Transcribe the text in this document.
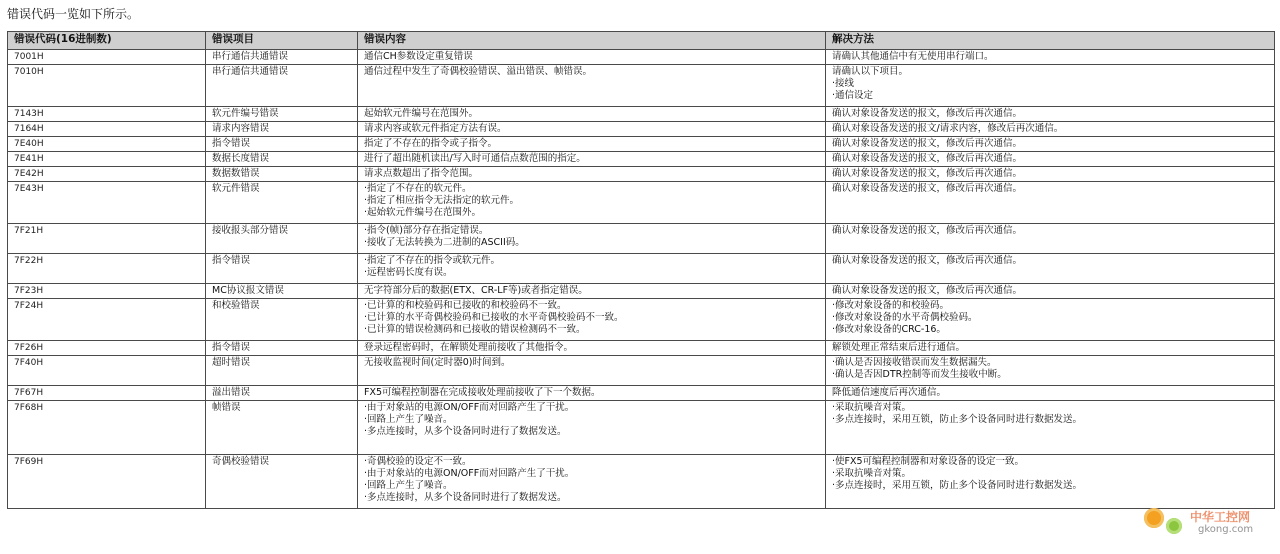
错误代码一览如下所示。
错误代码(16进制数)	错误项目	错误内容	解决方法
7001H	串行通信共通错误	通信CH参数设定重复错误	请确认其他通信中有无使用串行端口。

7010H	串行通信共通错误	通信过程中发生了奇偶校验错误、溢出错误、帧错误。	请确认以下项目。
·接线
·通信设定

7143H	软元件编号错误	起始软元件编号在范围外。	确认对象设备发送的报文，修改后再次通信。

7164H	请求内容错误	请求内容或软元件指定方法有误。	确认对象设备发送的报文/请求内容，修改后再次通信。

7E40H	指令错误	指定了不存在的指令或子指令。	确认对象设备发送的报文，修改后再次通信。

7E41H	数据长度错误	进行了超出随机读出/写入时可通信点数范围的指定。	确认对象设备发送的报文，修改后再次通信。

7E42H	数据数错误	请求点数超出了指令范围。	确认对象设备发送的报文，修改后再次通信。

7E43H	软元件错误	·指定了不存在的软元件。
·指定了相应指令无法指定的软元件。
·起始软元件编号在范围外。	确认对象设备发送的报文，修改后再次通信。

7F21H	接收报头部分错误	·指令(帧)部分存在指定错误。
·接收了无法转换为二进制的ASCII码。	确认对象设备发送的报文，修改后再次通信。

7F22H	指令错误	·指定了不存在的指令或软元件。
·远程密码长度有误。	确认对象设备发送的报文，修改后再次通信。

7F23H	MC协议报文错误	无字符部分后的数据(ETX、CR-LF等)或者指定错误。	确认对象设备发送的报文，修改后再次通信。

7F24H	和校验错误	·已计算的和校验码和已接收的和校验码不一致。
·已计算的水平奇偶校验码和已接收的水平奇偶校验码不一致。
·已计算的错误检测码和已接收的错误检测码不一致。	·修改对象设备的和校验码。
·修改对象设备的水平奇偶校验码。
·修改对象设备的CRC-16。

7F26H	指令错误	登录远程密码时，在解锁处理前接收了其他指令。	解锁处理正常结束后进行通信。

7F40H	超时错误	无接收监视时间(定时器0)时间到。	·确认是否因接收错误而发生数据漏失。
·确认是否因DTR控制等而发生接收中断。

7F67H	溢出错误	FX5可编程控制器在完成接收处理前接收了下一个数据。	降低通信速度后再次通信。

7F68H	帧错误	·由于对象站的电源ON/OFF而对回路产生了干扰。
·回路上产生了噪音。
·多点连接时，从多个设备同时进行了数据发送。	·采取抗噪音对策。
·多点连接时，采用互锁，防止多个设备同时进行数据发送。

7F69H	奇偶校验错误	·奇偶校验的设定不一致。
·由于对象站的电源ON/OFF而对回路产生了干扰。
·回路上产生了噪音。
·多点连接时，从多个设备同时进行了数据发送。	·使FX5可编程控制器和对象设备的设定一致。
·采取抗噪音对策。
·多点连接时，采用互锁，防止多个设备同时进行数据发送。
中华工控网
gkong.com
